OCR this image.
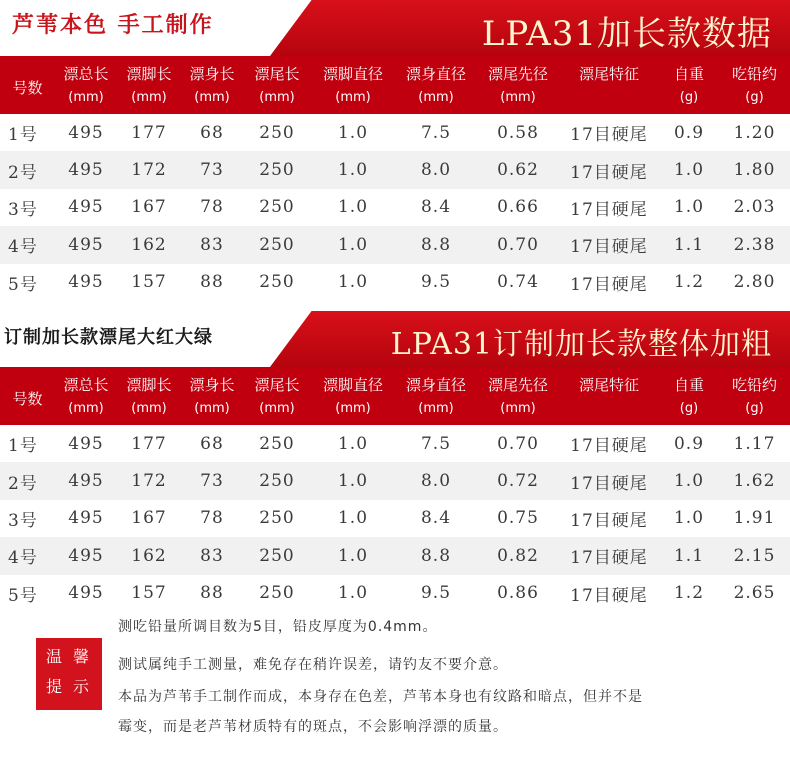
芦苇本色 手工制作	LPA31加长款数据
号数	漂总长	漂脚长	漂身长	漂尾长	漂脚直径	漂身直径	漂尾先径	漂尾特征	自重	吃铅约
	(mm)	(mm)	(mm)	(mm)	(mm)	(mm)	(mm)		(g)	(g)
1号	495	177	68	250	1.0	7.5	0.58	17目硬尾	0.9	1.20
2号	495	172	73	250	1.0	8.0	0.62	17目硬尾	1.0	1.80
3号	495	167	78	250	1.0	8.4	0.66	17目硬尾	1.0	2.03
4号	495	162	83	250	1.0	8.8	0.70	17目硬尾	1.1	2.38
5号	495	157	88	250	1.0	9.5	0.74	17目硬尾	1.2	2.80
订制加长款漂尾大红大绿	LPA31订制加长款整体加粗
号数	漂总长	漂脚长	漂身长	漂尾长	漂脚直径	漂身直径	漂尾先径	漂尾特征	自重	吃铅约
	(mm)	(mm)	(mm)	(mm)	(mm)	(mm)	(mm)		(g)	(g)
1号	495	177	68	250	1.0	7.5	0.70	17目硬尾	0.9	1.17
2号	495	172	73	250	1.0	8.0	0.72	17目硬尾	1.0	1.62
3号	495	167	78	250	1.0	8.4	0.75	17目硬尾	1.0	1.91
4号	495	162	83	250	1.0	8.8	0.82	17目硬尾	1.1	2.15
5号	495	157	88	250	1.0	9.5	0.86	17目硬尾	1.2	2.65
温 馨
提 示
测吃铅量所调目数为5目，铅皮厚度为0.4mm。
测试属纯手工测量，难免存在稍许误差，请钓友不要介意。
本品为芦苇手工制作而成，本身存在色差，芦苇本身也有纹路和暗点，但并不是
霉变，而是老芦苇材质特有的斑点，不会影响浮漂的质量。
